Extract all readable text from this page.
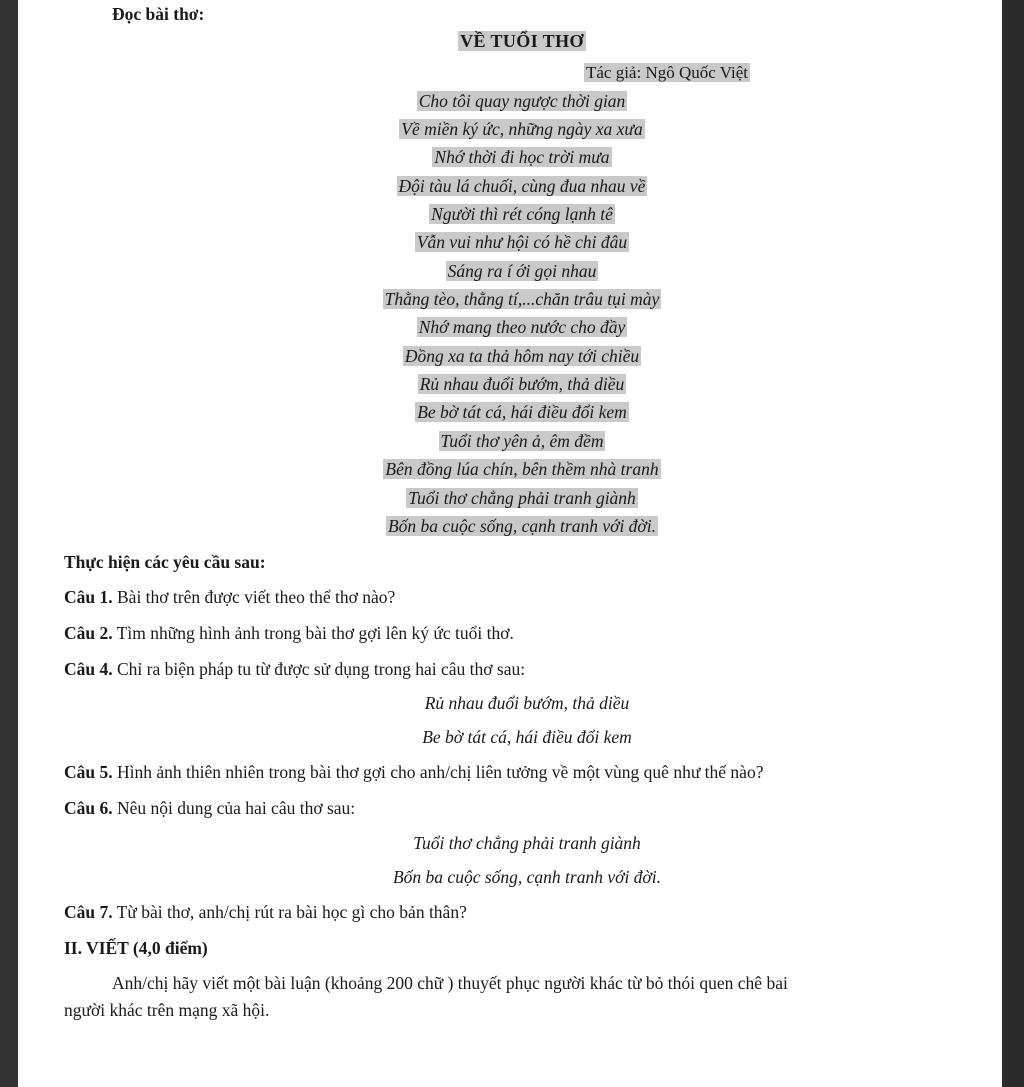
Đọc bài thơ:
VỀ TUỔI THƠ
Tác giả: Ngô Quốc Việt
Cho tôi quay ngược thời gian
Về miền ký ức, những ngày xa xưa
Nhớ thời đi học trời mưa
Đội tàu lá chuối, cùng đua nhau về
Người thì rét cóng lạnh tê
Vẫn vui như hội có hề chi đâu
Sáng ra í ới gọi nhau
Thằng tèo, thằng tí,...chăn trâu tụi mày
Nhớ mang theo nước cho đầy
Đồng xa ta thả hôm nay tới chiều
Rủ nhau đuổi bướm, thả diều
Be bờ tát cá, hái điều đổi kem
Tuổi thơ yên ả, êm đềm
Bên đồng lúa chín, bên thềm nhà tranh
Tuổi thơ chẳng phải tranh giành
Bốn ba cuộc sống, cạnh tranh với đời.
Thực hiện các yêu cầu sau:
Câu 1. Bài thơ trên được viết theo thể thơ nào?
Câu 2. Tìm những hình ảnh trong bài thơ gợi lên ký ức tuổi thơ.
Câu 4. Chỉ ra biện pháp tu từ được sử dụng trong hai câu thơ sau:
Rủ nhau đuổi bướm, thả diều
Be bờ tát cá, hái điều đổi kem
Câu 5. Hình ảnh thiên nhiên trong bài thơ gợi cho anh/chị liên tưởng về một vùng quê như thế nào?
Câu 6. Nêu nội dung của hai câu thơ sau:
Tuổi thơ chẳng phải tranh giành
Bốn ba cuộc sống, cạnh tranh với đời.
Câu 7. Từ bài thơ, anh/chị rút ra bài học gì cho bản thân?
II. VIẾT (4,0 điểm)
Anh/chị hãy viết một bài luận (khoảng 200 chữ ) thuyết phục người khác từ bỏ thói quen chê bai
người khác trên mạng xã hội.
